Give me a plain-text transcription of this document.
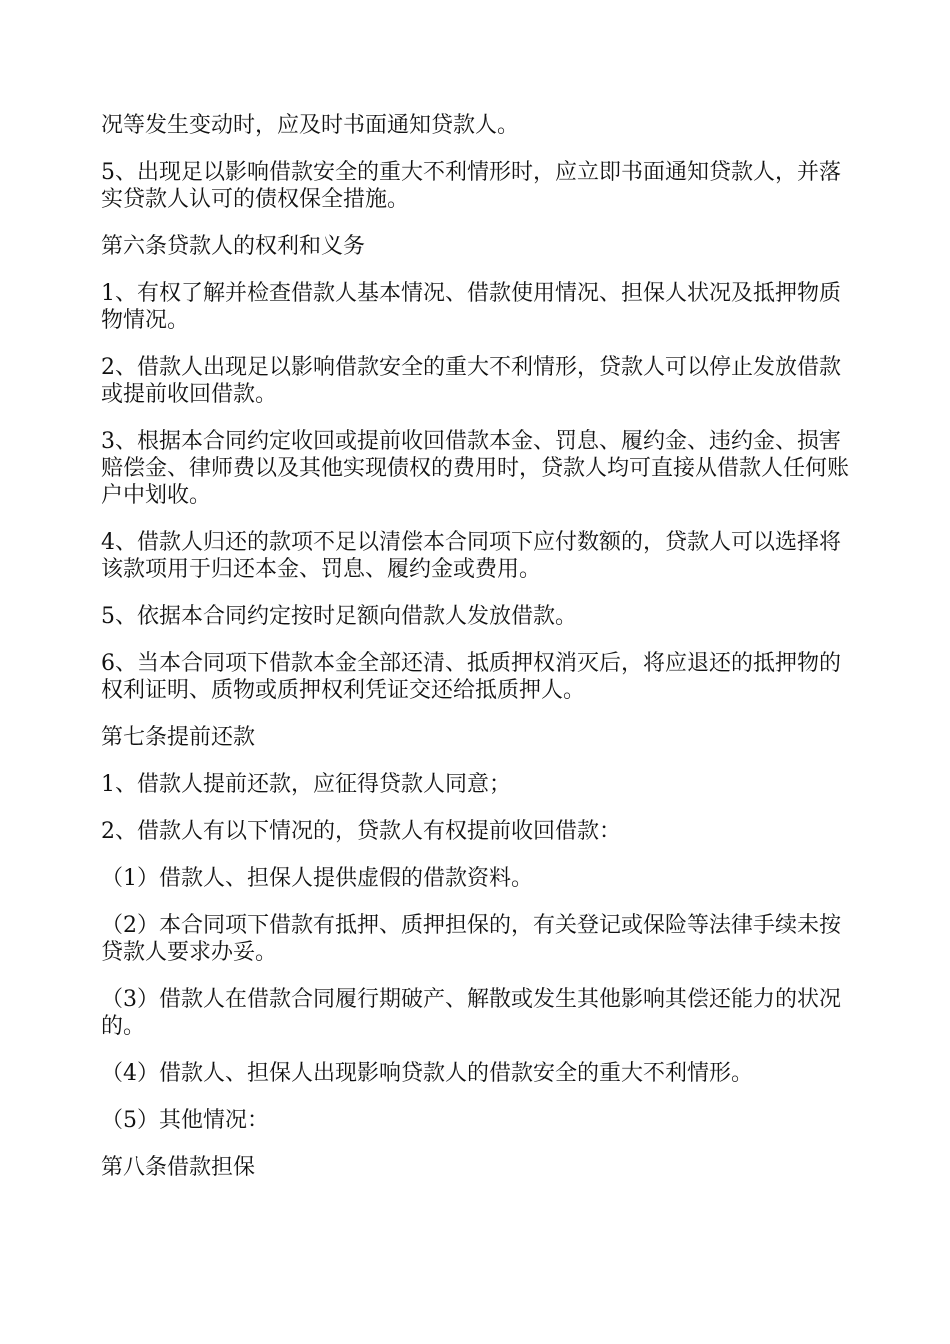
况等发生变动时，应及时书面通知贷款人。

5、出现足以影响借款安全的重大不利情形时，应立即书面通知贷款人，并落实贷款人认可的债权保全措施。

第六条贷款人的权利和义务

1、有权了解并检查借款人基本情况、借款使用情况、担保人状况及抵押物质物情况。

2、借款人出现足以影响借款安全的重大不利情形，贷款人可以停止发放借款或提前收回借款。

3、根据本合同约定收回或提前收回借款本金、罚息、履约金、违约金、损害赔偿金、律师费以及其他实现债权的费用时，贷款人均可直接从借款人任何账户中划收。

4、借款人归还的款项不足以清偿本合同项下应付数额的，贷款人可以选择将该款项用于归还本金、罚息、履约金或费用。

5、依据本合同约定按时足额向借款人发放借款。

6、当本合同项下借款本金全部还清、抵质押权消灭后，将应退还的抵押物的权利证明、质物或质押权利凭证交还给抵质押人。

第七条提前还款

1、借款人提前还款，应征得贷款人同意；

2、借款人有以下情况的，贷款人有权提前收回借款：

（1）借款人、担保人提供虚假的借款资料。

（2）本合同项下借款有抵押、质押担保的，有关登记或保险等法律手续未按贷款人要求办妥。

（3）借款人在借款合同履行期破产、解散或发生其他影响其偿还能力的状况的。

（4）借款人、担保人出现影响贷款人的借款安全的重大不利情形。

（5）其他情况：

第八条借款担保
